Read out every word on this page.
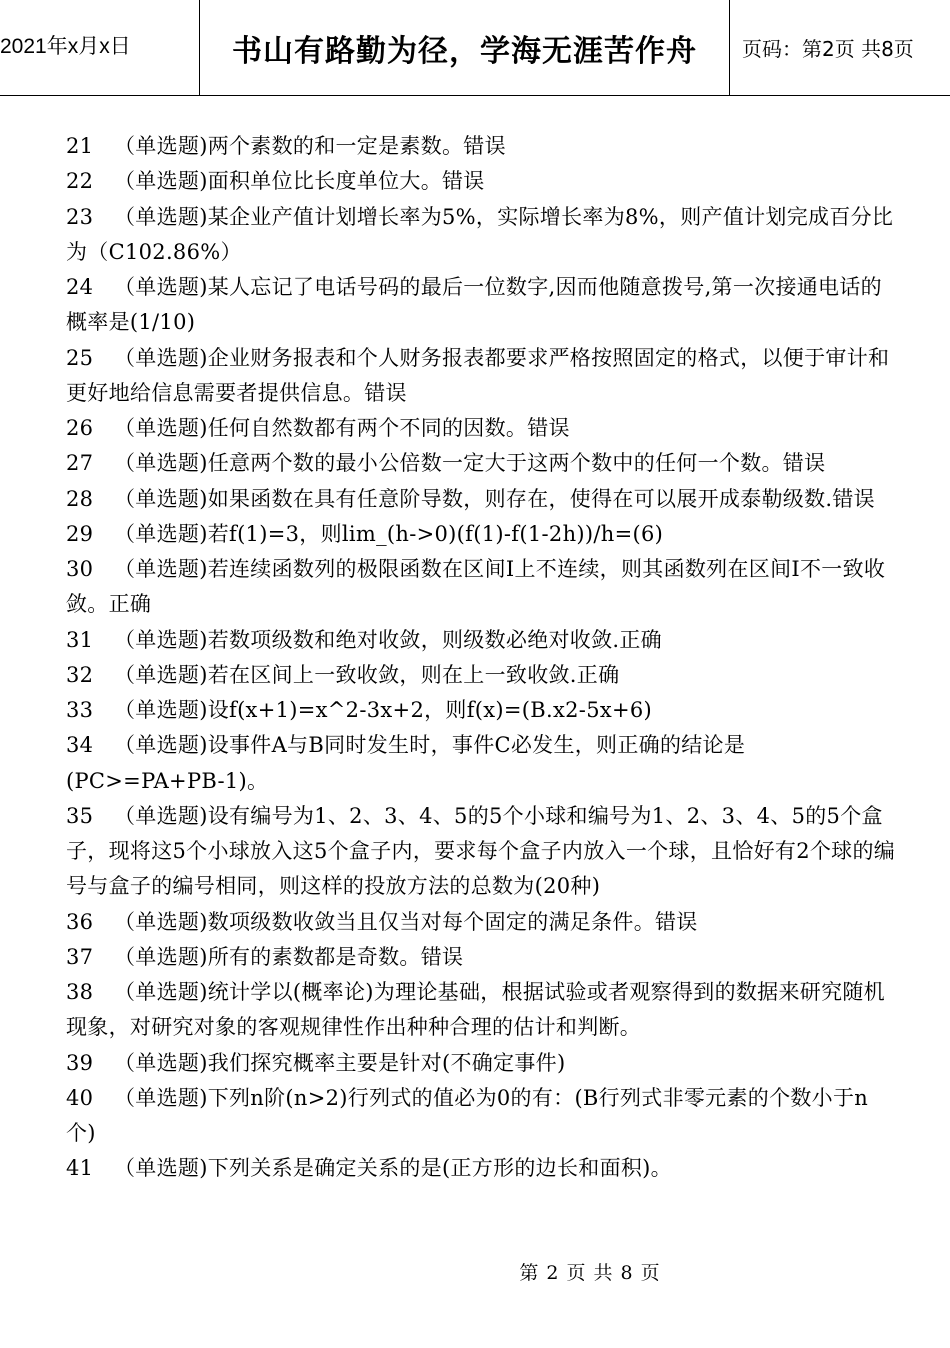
2021年x月x日	书山有路勤为径，学海无涯苦作舟	页码：第2页 共8页

21 （单选题)两个素数的和一定是素数。错误

22 （单选题)面积单位比长度单位大。错误

23 （单选题)某企业产值计划增长率为5%，实际增长率为8%，则产值计划完成百分比为（C102.86%）

24 （单选题)某人忘记了电话号码的最后一位数字,因而他随意拨号,第一次接通电话的概率是(1/10)

25 （单选题)企业财务报表和个人财务报表都要求严格按照固定的格式，以便于审计和更好地给信息需要者提供信息。错误

26 （单选题)任何自然数都有两个不同的因数。错误

27 （单选题)任意两个数的最小公倍数一定大于这两个数中的任何一个数。错误

28 （单选题)如果函数在具有任意阶导数，则存在，使得在可以展开成泰勒级数.错误

29 （单选题)若f(1)=3，则lim_(h->0)(f(1)-f(1-2h))/h=(6)

30 （单选题)若连续函数列的极限函数在区间I上不连续，则其函数列在区间I不一致收敛。正确

31 （单选题)若数项级数和绝对收敛，则级数必绝对收敛.正确

32 （单选题)若在区间上一致收敛，则在上一致收敛.正确

33 （单选题)设f(x+1)=x^2-3x+2，则f(x)=(B.x2-5x+6)

34 （单选题)设事件A与B同时发生时，事件C必发生，则正确的结论是(PC>=PA+PB-1)。

35 （单选题)设有编号为1、2、3、4、5的5个小球和编号为1、2、3、4、5的5个盒子，现将这5个小球放入这5个盒子内，要求每个盒子内放入一个球，且恰好有2个球的编号与盒子的编号相同，则这样的投放方法的总数为(20种)

36 （单选题)数项级数收敛当且仅当对每个固定的满足条件。错误

37 （单选题)所有的素数都是奇数。错误

38 （单选题)统计学以(概率论)为理论基础，根据试验或者观察得到的数据来研究随机现象，对研究对象的客观规律性作出种种合理的估计和判断。

39 （单选题)我们探究概率主要是针对(不确定事件)

40 （单选题)下列n阶(n>2)行列式的值必为0的有：(B行列式非零元素的个数小于n个)

41 （单选题)下列关系是确定关系的是(正方形的边长和面积)。

第 2 页 共 8 页
